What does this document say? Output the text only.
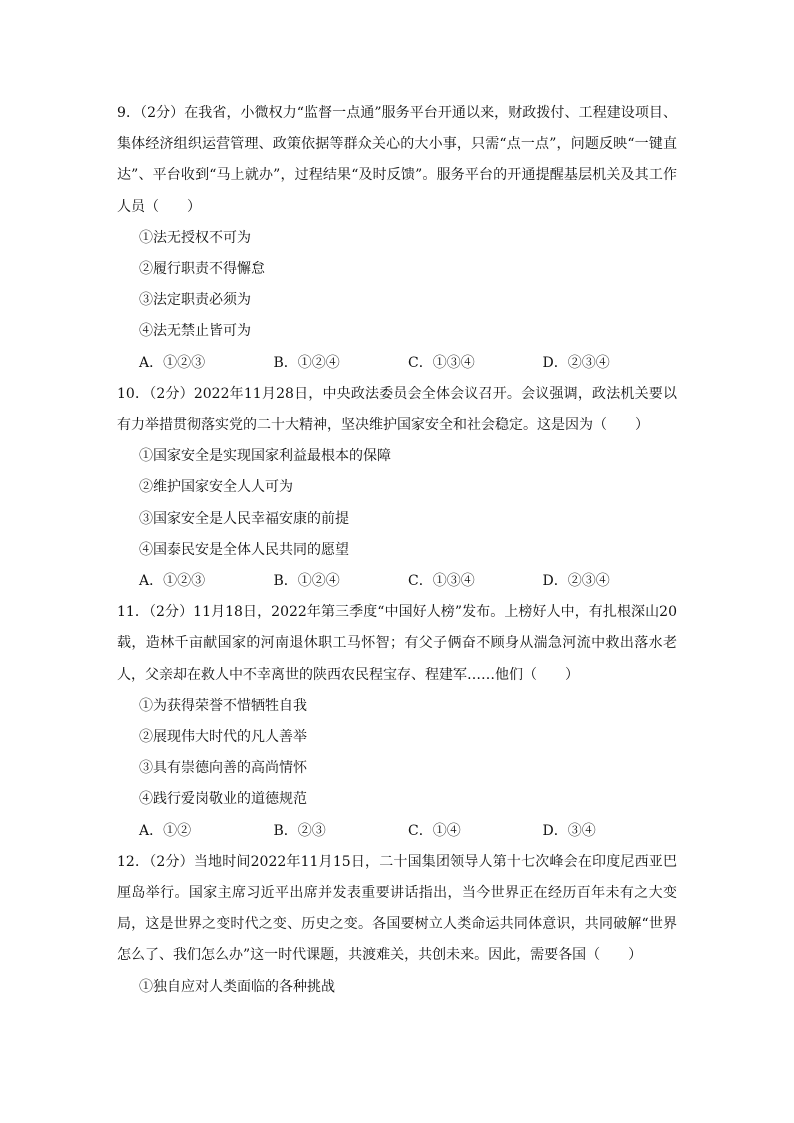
9．（2分）在我省，小微权力“监督一点通”服务平台开通以来，财政拨付、工程建设项目、集体经济组织运营管理、政策依据等群众关心的大小事，只需“点一点”，问题反映“一键直达”、平台收到“马上就办”，过程结果“及时反馈”。服务平台的开通提醒基层机关及其工作人员（　　）

①法无授权不可为
②履行职责不得懈怠
③法定职责必须为
④法无禁止皆可为
A．①②③	B．①②④	C．①③④	D．②③④

10．（2分）2022年11月28日，中央政法委员会全体会议召开。会议强调，政法机关要以有力举措贯彻落实党的二十大精神，坚决维护国家安全和社会稳定。这是因为（　　）

①国家安全是实现国家利益最根本的保障
②维护国家安全人人可为
③国家安全是人民幸福安康的前提
④国泰民安是全体人民共同的愿望
A．①②③	B．①②④	C．①③④	D．②③④

11．（2分）11月18日，2022年第三季度“中国好人榜”发布。上榜好人中，有扎根深山20载，造林千亩献国家的河南退休职工马怀智；有父子俩奋不顾身从湍急河流中救出落水老人，父亲却在救人中不幸离世的陕西农民程宝存、程建军……他们（　　）

①为获得荣誉不惜牺牲自我
②展现伟大时代的凡人善举
③具有崇德向善的高尚情怀
④践行爱岗敬业的道德规范
A．①②	B．②③	C．①④	D．③④

12．（2分）当地时间2022年11月15日，二十国集团领导人第十七次峰会在印度尼西亚巴厘岛举行。国家主席习近平出席并发表重要讲话指出，当今世界正在经历百年未有之大变局，这是世界之变时代之变、历史之变。各国要树立人类命运共同体意识，共同破解“世界怎么了、我们怎么办”这一时代课题，共渡难关，共创未来。因此，需要各国（　　）

①独自应对人类面临的各种挑战
